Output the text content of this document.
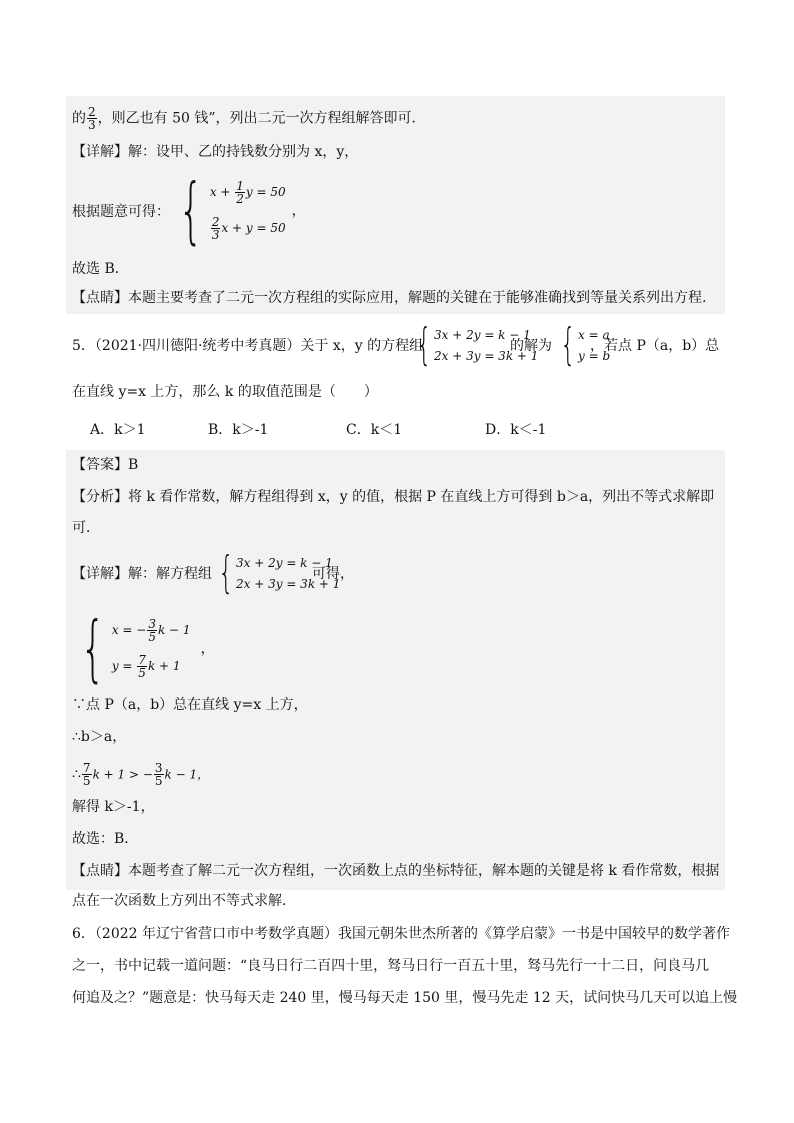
的 $\frac{2}{3}$ ，则乙也有 50 钱”，列出二元一次方程组解答即可．
【详解】解：设甲、乙的持钱数分别为 x，y，
根据题意可得： { $x + \frac{1}{2}$ y = 50
$\frac{2}{3}$ x + y = 50
，
故选 B．
【点睛】本题主要考查了二元一次方程组的实际应用，解题的关键在于能够准确找到等量关系列出方程.
5．（2021·四川德阳·统考中考真题）关于 x，y 的方程组
{ 3x + 2y = k − 1
2x + 3y = 3k + 1
的解为 { x = a
y = b
，若点 P（a，b）总
在直线 y=x 上方，那么 k 的取值范围是（　　）
A．k＞1	B．k＞-1	C．k＜1	D．k＜-1
【答案】B
【分析】将 k 看作常数，解方程组得到 x，y 的值，根据 P 在直线上方可得到 b＞a，列出不等式求解即
可．
【详解】解：解方程组 { 3x + 2y = k − 1
2x + 3y = 3k + 1
可得，
{ x = − $\frac{3}{5}$ k − 1
$y = \frac{7}{5}$ k + 1
，
∵点 P（a，b）总在直线 y=x 上方，
∴b＞a，
∴ $\frac{7}{5}$ k + 1 > − $\frac{3}{5}$ k − 1，
解得 k＞-1，
故选：B．
【点睛】本题考查了解二元一次方程组，一次函数上点的坐标特征，解本题的关键是将 k 看作常数，根据
点在一次函数上方列出不等式求解．
6．（2022 年辽宁省营口市中考数学真题）我国元朝朱世杰所著的《算学启蒙》一书是中国较早的数学著作
之一，书中记载一道问题：“良马日行二百四十里，驽马日行一百五十里，驽马先行一十二日，问良马几
何追及之？”题意是：快马每天走 240 里，慢马每天走 150 里，慢马先走 12 天，试问快马几天可以追上慢
